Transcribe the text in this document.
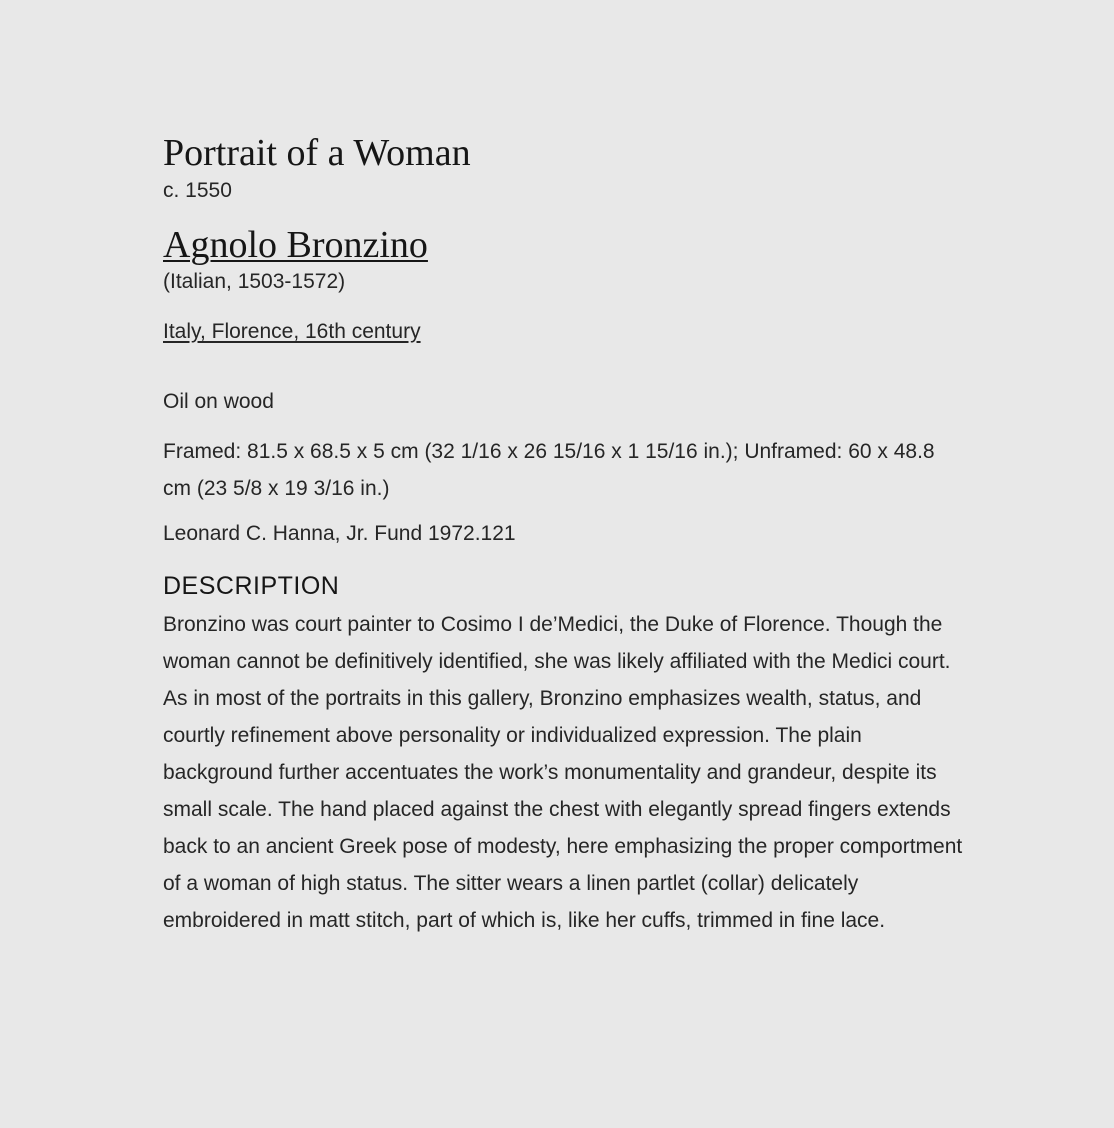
Portrait of a Woman

c. 1550

Agnolo Bronzino

(Italian, 1503-1572)

Italy, Florence, 16th century

Oil on wood

Framed: 81.5 x 68.5 x 5 cm (32 1/16 x 26 15/16 x 1 15/16 in.); Unframed: 60 x 48.8 cm (23 5/8 x 19 3/16 in.)

Leonard C. Hanna, Jr. Fund 1972.121

DESCRIPTION

Bronzino was court painter to Cosimo I de’Medici, the Duke of Florence. Though the woman cannot be definitively identified, she was likely affiliated with the Medici court. As in most of the portraits in this gallery, Bronzino emphasizes wealth, status, and courtly refinement above personality or individualized expression. The plain background further accentuates the work’s monumentality and grandeur, despite its small scale. The hand placed against the chest with elegantly spread fingers extends back to an ancient Greek pose of modesty, here emphasizing the proper comportment of a woman of high status. The sitter wears a linen partlet (collar) delicately embroidered in matt stitch, part of which is, like her cuffs, trimmed in fine lace.
